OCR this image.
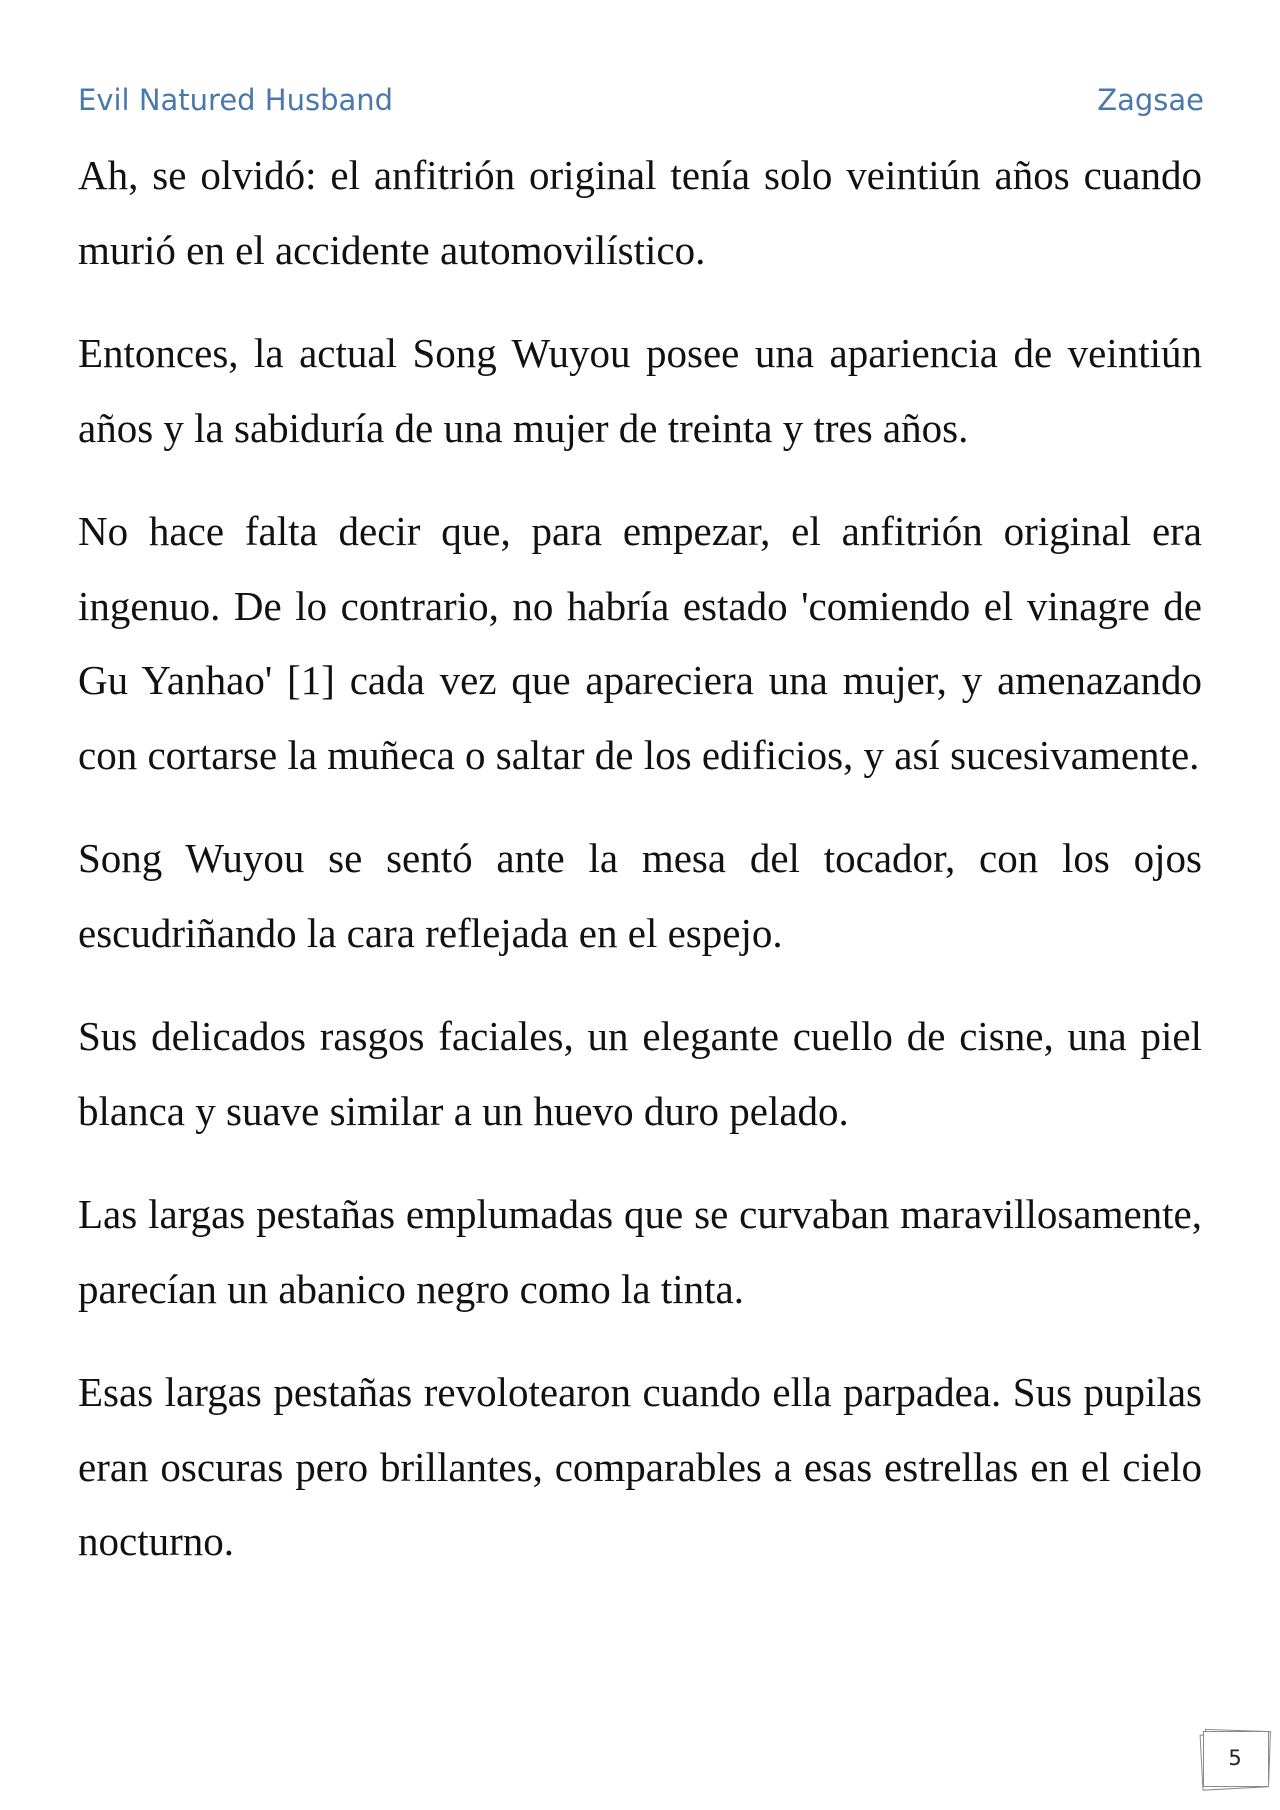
Evil Natured Husband	Zagsae

Ah, se olvidó: el anfitrión original tenía solo veintiún años cuando murió en el accidente automovilístico.

Entonces, la actual Song Wuyou posee una apariencia de veintiún años y la sabiduría de una mujer de treinta y tres años.

No hace falta decir que, para empezar, el anfitrión original era ingenuo. De lo contrario, no habría estado 'comiendo el vinagre de Gu Yanhao' [1] cada vez que apareciera una mujer, y amenazando con cortarse la muñeca o saltar de los edificios, y así sucesivamente.

Song Wuyou se sentó ante la mesa del tocador, con los ojos escudriñando la cara reflejada en el espejo.

Sus delicados rasgos faciales, un elegante cuello de cisne, una piel blanca y suave similar a un huevo duro pelado.

Las largas pestañas emplumadas que se curvaban maravillosamente, parecían un abanico negro como la tinta.

Esas largas pestañas revolotearon cuando ella parpadea. Sus pupilas eran oscuras pero brillantes, comparables a esas estrellas en el cielo nocturno.

5
